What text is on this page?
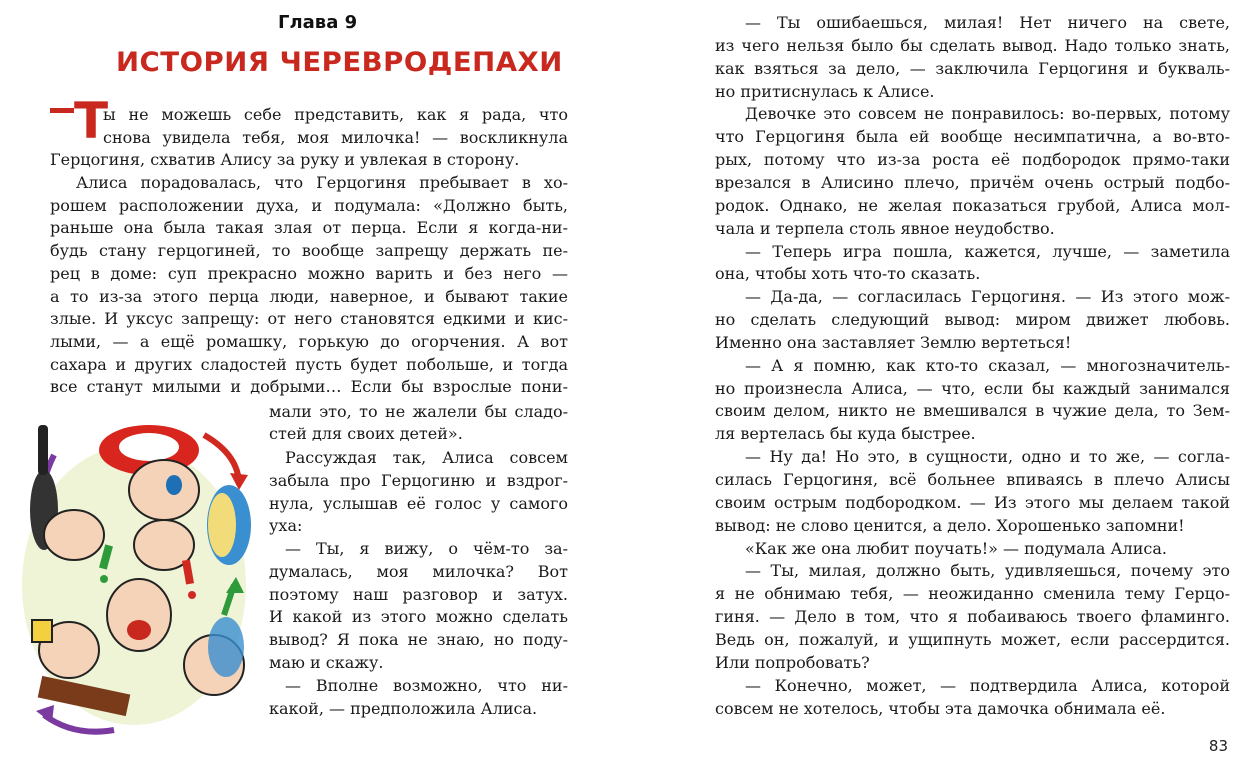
Глава 9
ИСТОРИЯ ЧЕРЕВРОДЕПАХИ
Т
ы не можешь себе представить, как я рада, что
снова увидела тебя, моя милочка! — воскликнула
Герцогиня, схватив Алису за руку и увлекая в сторону.
Алиса порадовалась, что Герцогиня пребывает в хо-
рошем расположении духа, и подумала: «Должно быть,
раньше она была такая злая от перца. Если я когда-ни-
будь стану герцогиней, то вообще запрещу держать пе-
рец в доме: суп прекрасно можно варить и без него —
а то из-за этого перца люди, наверное, и бывают такие
злые. И уксус запрещу: от него становятся едкими и кис-
лыми, — а ещё ромашку, горькую до огорчения. А вот
сахара и других сладостей пусть будет побольше, и тогда
все станут милыми и добрыми… Если бы взрослые пони-
мали это, то не жалели бы сладо-
стей для своих детей».
Рассуждая так, Алиса совсем
забыла про Герцогиню и вздрог-
нула, услышав её голос у самого
уха:
— Ты, я вижу, о чём-то за-
думалась, моя милочка? Вот
поэтому наш разговор и затух.
И какой из этого можно сделать
вывод? Я пока не знаю, но поду-
маю и скажу.
— Вполне возможно, что ни-
какой, — предположила Алиса.
— Ты ошибаешься, милая! Нет ничего на свете,
из чего нельзя было бы сделать вывод. Надо только знать,
как взяться за дело, — заключила Герцогиня и букваль-
но притиснулась к Алисе.
Девочке это совсем не понравилось: во-первых, потому
что Герцогиня была ей вообще несимпатична, а во-вто-
рых, потому что из-за роста её подбородок прямо-таки
врезался в Алисино плечо, причём очень острый подбо-
родок. Однако, не желая показаться грубой, Алиса мол-
чала и терпела столь явное неудобство.
— Теперь игра пошла, кажется, лучше, — заметила
она, чтобы хоть что-то сказать.
— Да-да, — согласилась Герцогиня. — Из этого мож-
но сделать следующий вывод: миром движет любовь.
Именно она заставляет Землю вертеться!
— А я помню, как кто-то сказал, — многозначитель-
но произнесла Алиса, — что, если бы каждый занимался
своим делом, никто не вмешивался в чужие дела, то Зем-
ля вертелась бы куда быстрее.
— Ну да! Но это, в сущности, одно и то же, — согла-
силась Герцогиня, всё больнее впиваясь в плечо Алисы
своим острым подбородком. — Из этого мы делаем такой
вывод: не слово ценится, а дело. Хорошенько запомни!
«Как же она любит поучать!» — подумала Алиса.
— Ты, милая, должно быть, удивляешься, почему это
я не обнимаю тебя, — неожиданно сменила тему Герцо-
гиня. — Дело в том, что я побаиваюсь твоего фламинго.
Ведь он, пожалуй, и ущипнуть может, если рассердится.
Или попробовать?
— Конечно, может, — подтвердила Алиса, которой
совсем не хотелось, чтобы эта дамочка обнимала её.
83
